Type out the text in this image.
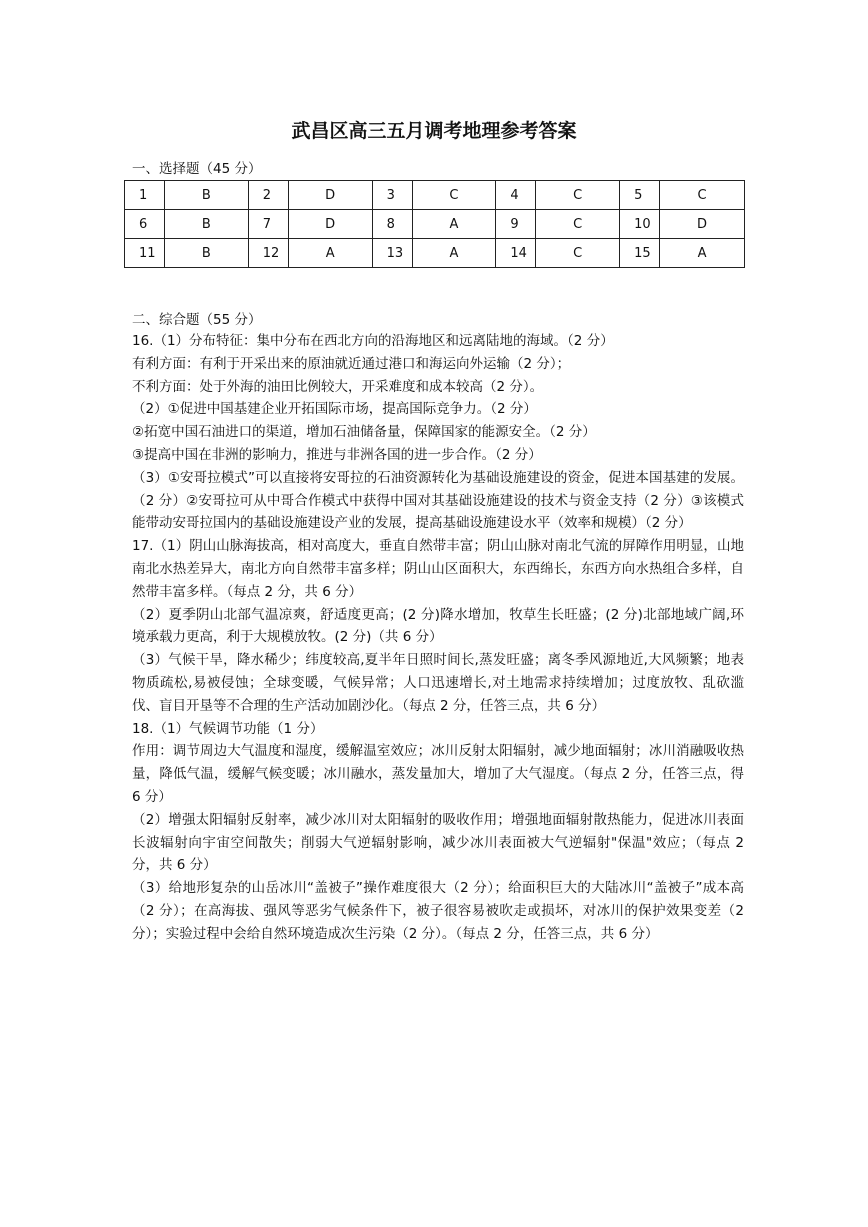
武昌区高三五月调考地理参考答案
一、选择题（45 分）
1	B	2	D	3	C	4	C	5	C
6	B	7	D	8	A	9	C	10	D
11	B	12	A	13	A	14	C	15	A
二、综合题（55 分）

16.（1）分布特征：集中分布在西北方向的沿海地区和远离陆地的海域。（2 分）

有利方面：有利于开采出来的原油就近通过港口和海运向外运输（2 分）；

不利方面：处于外海的油田比例较大，开采难度和成本较高（2 分）。

（2）①促进中国基建企业开拓国际市场，提高国际竞争力。（2 分）

②拓宽中国石油进口的渠道，增加石油储备量，保障国家的能源安全。（2 分）

③提高中国在非洲的影响力，推进与非洲各国的进一步合作。（2 分）

（3）①安哥拉模式”可以直接将安哥拉的石油资源转化为基础设施建设的资金，促进本国基建的发展。（2 分）②安哥拉可从中哥合作模式中获得中国对其基础设施建设的技术与资金支持（2 分）③该模式能带动安哥拉国内的基础设施建设产业的发展，提高基础设施建设水平（效率和规模）（2 分）

17.（1）阴山山脉海拔高，相对高度大，垂直自然带丰富；阴山山脉对南北气流的屏障作用明显，山地南北水热差异大，南北方向自然带丰富多样；阴山山区面积大，东西绵长，东西方向水热组合多样，自然带丰富多样。（每点 2 分，共 6 分）

（2）夏季阴山北部气温凉爽，舒适度更高；(2 分)降水增加，牧草生长旺盛；(2 分)北部地域广阔,环境承载力更高，利于大规模放牧。(2 分)（共 6 分）

（3）气候干旱，降水稀少；纬度较高,夏半年日照时间长,蒸发旺盛；离冬季风源地近,大风频繁；地表物质疏松,易被侵蚀；全球变暖，气候异常；人口迅速增长,对土地需求持续增加；过度放牧、乱砍滥伐、盲目开垦等不合理的生产活动加剧沙化。（每点 2 分，任答三点，共 6 分）

18.（1）气候调节功能（1 分）

作用：调节周边大气温度和湿度，缓解温室效应；冰川反射太阳辐射，减少地面辐射；冰川消融吸收热量，降低气温，缓解气候变暖；冰川融水，蒸发量加大，增加了大气湿度。（每点 2 分，任答三点，得 6 分）

（2）增强太阳辐射反射率，减少冰川对太阳辐射的吸收作用；增强地面辐射散热能力，促进冰川表面长波辐射向宇宙空间散失；削弱大气逆辐射影响，减少冰川表面被大气逆辐射"保温"效应；（每点 2 分，共 6 分）

（3）给地形复杂的山岳冰川“盖被子”操作难度很大（2 分）；给面积巨大的大陆冰川“盖被子”成本高（2 分）；在高海拔、强风等恶劣气候条件下，被子很容易被吹走或损坏，对冰川的保护效果变差（2 分）；实验过程中会给自然环境造成次生污染（2 分）。（每点 2 分，任答三点，共 6 分）
